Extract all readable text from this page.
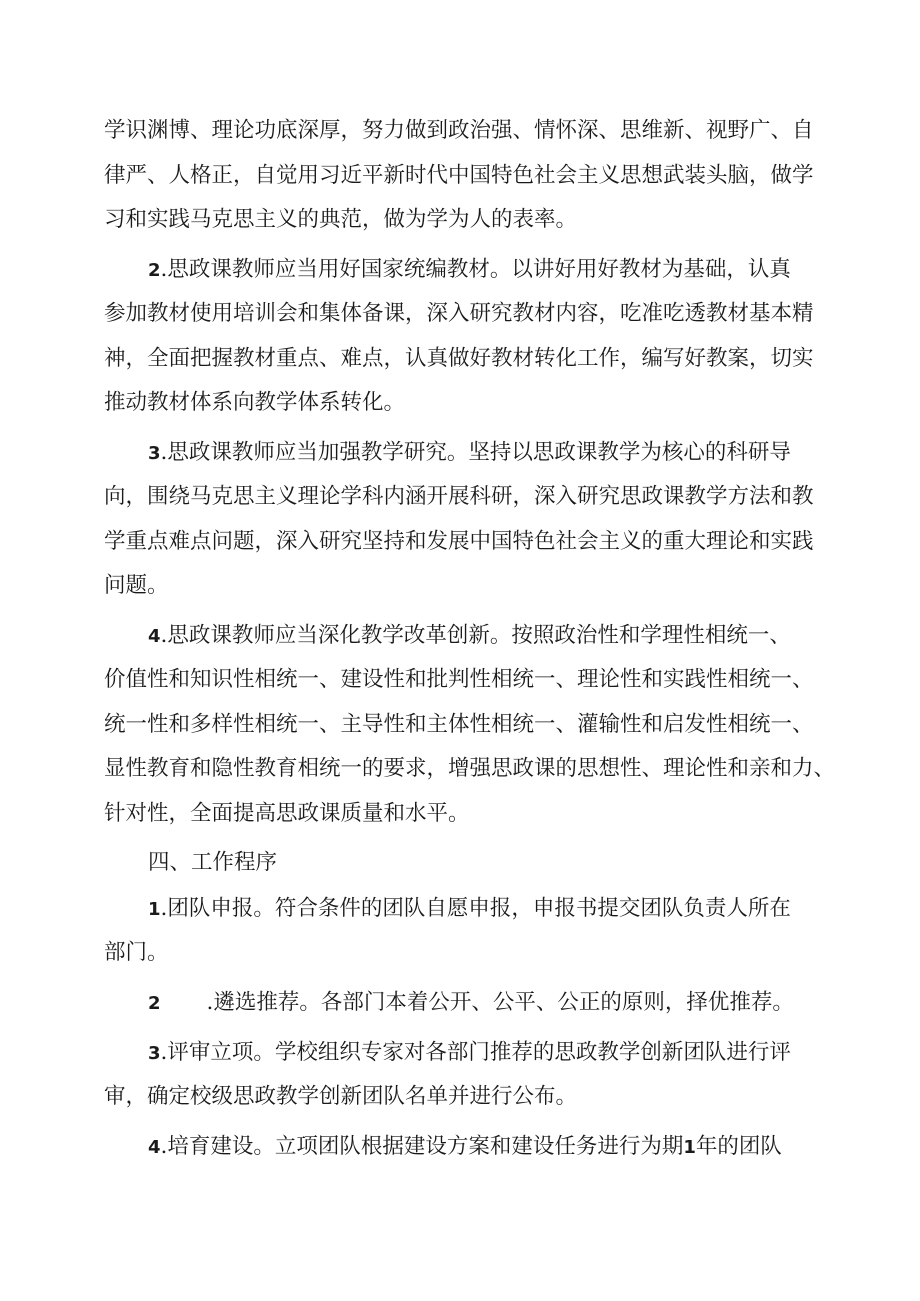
学识渊博、理论功底深厚，努力做到政治强、情怀深、思维新、视野广、自
律严、人格正，自觉用习近平新时代中国特色社会主义思想武装头脑，做学
习和实践马克思主义的典范，做为学为人的表率。
2.思政课教师应当用好国家统编教材。以讲好用好教材为基础，认真
参加教材使用培训会和集体备课，深入研究教材内容，吃准吃透教材基本精
神，全面把握教材重点、难点，认真做好教材转化工作，编写好教案，切实
推动教材体系向教学体系转化。
3.思政课教师应当加强教学研究。坚持以思政课教学为核心的科研导
向，围绕马克思主义理论学科内涵开展科研，深入研究思政课教学方法和教
学重点难点问题，深入研究坚持和发展中国特色社会主义的重大理论和实践
问题。
4.思政课教师应当深化教学改革创新。按照政治性和学理性相统一、
价值性和知识性相统一、建设性和批判性相统一、理论性和实践性相统一、
统一性和多样性相统一、主导性和主体性相统一、灌输性和启发性相统一、
显性教育和隐性教育相统一的要求，增强思政课的思想性、理论性和亲和力、
针对性，全面提高思政课质量和水平。
四、工作程序
1.团队申报。符合条件的团队自愿申报，申报书提交团队负责人所在
部门。
2 .遴选推荐。各部门本着公开、公平、公正的原则，择优推荐。
3.评审立项。学校组织专家对各部门推荐的思政教学创新团队进行评
审，确定校级思政教学创新团队名单并进行公布。
4.培育建设。立项团队根据建设方案和建设任务进行为期1年的团队
